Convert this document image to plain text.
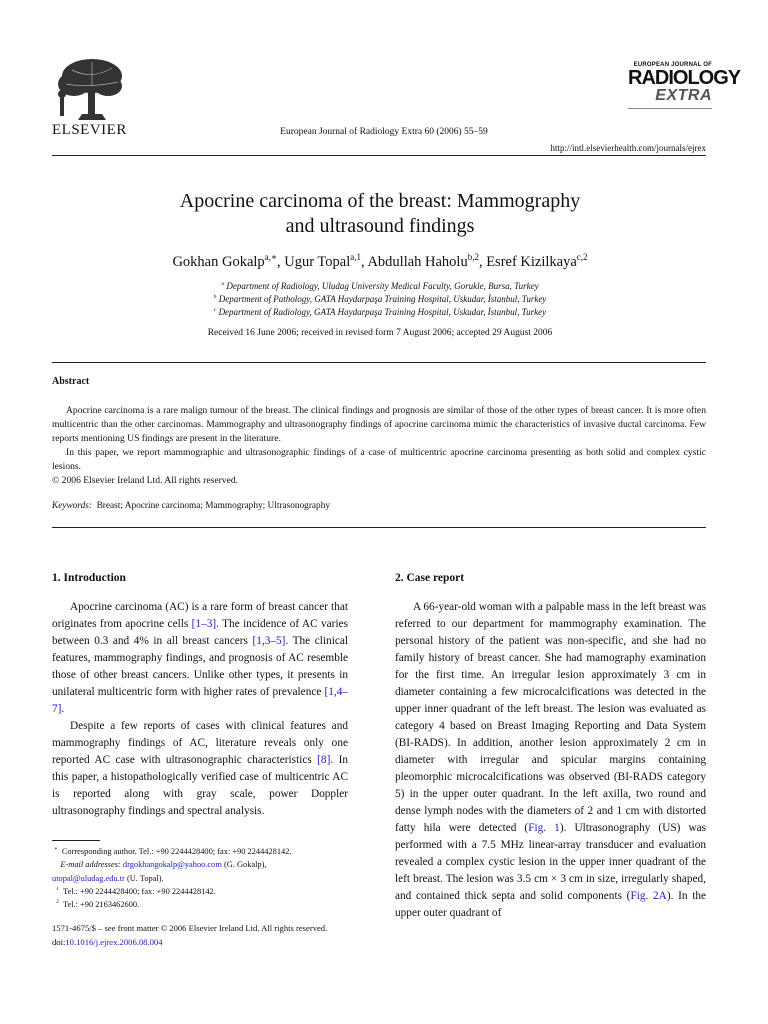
ELSEVIER	European Journal of Radiology Extra 60 (2006) 55–59
EUROPEAN JOURNAL OF
RADIOLOGY
EXTRA
http://intl.elsevierhealth.com/journals/ejrex
Apocrine carcinoma of the breast: Mammography
and ultrasound findings
Gokhan Gokalp$^{a,∗}$, Ugur Topal$^{a,1}$, Abdullah Haholu$^{b,2}$, Esref Kizilkaya$^{c,2}$
$^a$ Department of Radiology, Uludag University Medical Faculty, Gorukle, Bursa, Turkey
$^b$ Department of Pathology, GATA Haydarpaşa Training Hospital, Uskudar, İstanbul, Turkey
$^c$ Department of Radiology, GATA Haydarpaşa Training Hospital, Uskudar, İstanbul, Turkey
Received 16 June 2006; received in revised form 7 August 2006; accepted 29 August 2006
Abstract

Apocrine carcinoma is a rare malign tumour of the breast. The clinical findings and prognosis are similar of those of the other types of breast cancer. It is more often multicentric than the other carcinomas. Mammography and ultrasonography findings of apocrine carcinoma mimic the characteristics of invasive ductal carcinoma. Few reports mentioning US findings are present in the literature.

In this paper, we report mammographic and ultrasonographic findings of a case of multicentric apocrine carcinoma presenting as both solid and complex cystic lesions.

© 2006 Elsevier Ireland Ltd. All rights reserved.

Keywords: Breast; Apocrine carcinoma; Mammography; Ultrasonography
1. Introduction

Apocrine carcinoma (AC) is a rare form of breast cancer that originates from apocrine cells [1–3]. The incidence of AC varies between 0.3 and 4% in all breast cancers [1,3–5]. The clinical features, mammography findings, and prognosis of AC resemble those of other breast cancers. Unlike other types, it presents in unilateral multicentric form with higher rates of prevalence [1,4–7].

Despite a few reports of cases with clinical features and mammography findings of AC, literature reveals only one reported AC case with ultrasonographic characteristics [8]. In this paper, a histopathologically verified case of multicentric AC is reported along with gray scale, power Doppler ultrasonography findings and spectral analysis.

∗ Corresponding author. Tel.: +90 2244428400; fax: +90 2244428142.
E-mail addresses: drgokhangokalp@yahoo.com (G. Gokalp),
utopal@uludag.edu.tr (U. Topal).
$^1$ Tel.: +90 2244428400; fax: +90 2244428142.
$^2$ Tel.: +90 2163462600.
1571-4675/$ – see front matter © 2006 Elsevier Ireland Ltd. All rights reserved.
doi:10.1016/j.ejrex.2006.08.004
2. Case report

A 66-year-old woman with a palpable mass in the left breast was referred to our department for mammography examination. The personal history of the patient was non-specific, and she had no family history of breast cancer. She had mamography examination for the first time. An irregular lesion approximately 3 cm in diameter containing a few microcalcifications was detected in the upper inner quadrant of the left breast. The lesion was evaluated as category 4 based on Breast Imaging Reporting and Data System (BI-RADS). In addition, another lesion approximately 2 cm in diameter with irregular and spicular margins containing pleomorphic microcalcifications was observed (BI-RADS category 5) in the upper outer quadrant. In the left axilla, two round and dense lymph nodes with the diameters of 2 and 1 cm with distorted fatty hila were detected (Fig. 1). Ultrasonography (US) was performed with a 7.5 MHz linear-array transducer and evaluation revealed a complex cystic lesion in the upper inner quadrant of the left breast. The lesion was 3.5 cm × 3 cm in size, irregularly shaped, and contained thick septa and solid components (Fig. 2A). In the upper outer quadrant of
